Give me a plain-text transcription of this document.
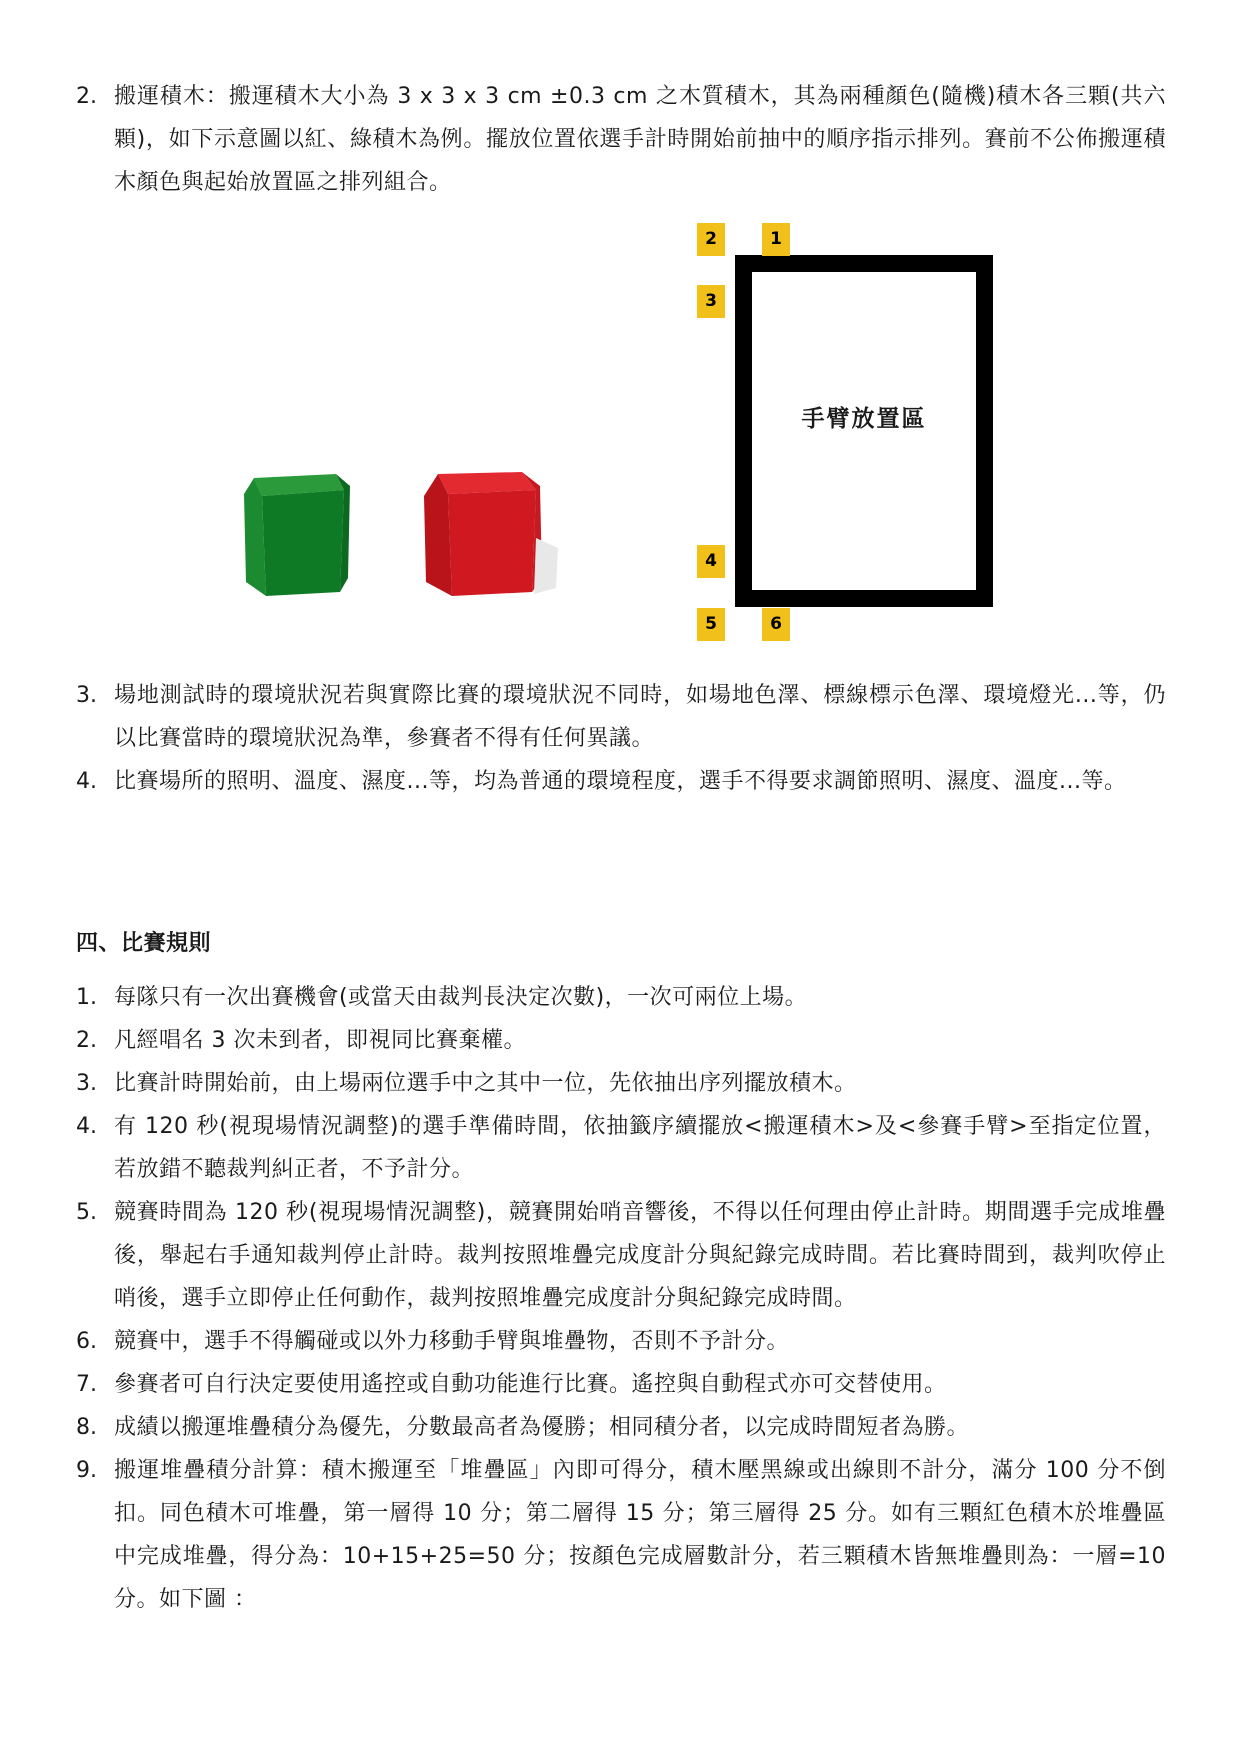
2. 搬運積木：搬運積木大小為 3 x 3 x 3 cm ±0.3 cm 之木質積木，其為兩種顏色(隨機)積木各三顆(共六顆)，如下示意圖以紅、綠積木為例。擺放位置依選手計時開始前抽中的順序指示排列。賽前不公佈搬運積木顏色與起始放置區之排列組合。
手臂放置區
1
2
3
4
5	6
3. 場地測試時的環境狀況若與實際比賽的環境狀況不同時，如場地色澤、標線標示色澤、環境燈光...等，仍以比賽當時的環境狀況為準，參賽者不得有任何異議。
4. 比賽場所的照明、溫度、濕度...等，均為普通的環境程度，選手不得要求調節照明、濕度、溫度...等。
四、比賽規則
1. 每隊只有一次出賽機會(或當天由裁判長決定次數)，一次可兩位上場。
2. 凡經唱名 3 次未到者，即視同比賽棄權。
3. 比賽計時開始前，由上場兩位選手中之其中一位，先依抽出序列擺放積木。
4. 有 120 秒(視現場情況調整)的選手準備時間，依抽籤序續擺放<搬運積木>及<參賽手臂>至指定位置，若放錯不聽裁判糾正者，不予計分。
5. 競賽時間為 120 秒(視現場情況調整)，競賽開始哨音響後，不得以任何理由停止計時。期間選手完成堆疊後，舉起右手通知裁判停止計時。裁判按照堆疊完成度計分與紀錄完成時間。若比賽時間到，裁判吹停止哨後，選手立即停止任何動作，裁判按照堆疊完成度計分與紀錄完成時間。
6. 競賽中，選手不得觸碰或以外力移動手臂與堆疊物，否則不予計分。
7. 參賽者可自行決定要使用遙控或自動功能進行比賽。遙控與自動程式亦可交替使用。
8. 成績以搬運堆疊積分為優先，分數最高者為優勝；相同積分者，以完成時間短者為勝。
9. 搬運堆疊積分計算：積木搬運至「堆疊區」內即可得分，積木壓黑線或出線則不計分，滿分 100 分不倒扣。同色積木可堆疊，第一層得 10 分；第二層得 15 分；第三層得 25 分。如有三顆紅色積木於堆疊區中完成堆疊，得分為：10+15+25=50 分；按顏色完成層數計分，若三顆積木皆無堆疊則為：一層=10 分。如下圖 ：
